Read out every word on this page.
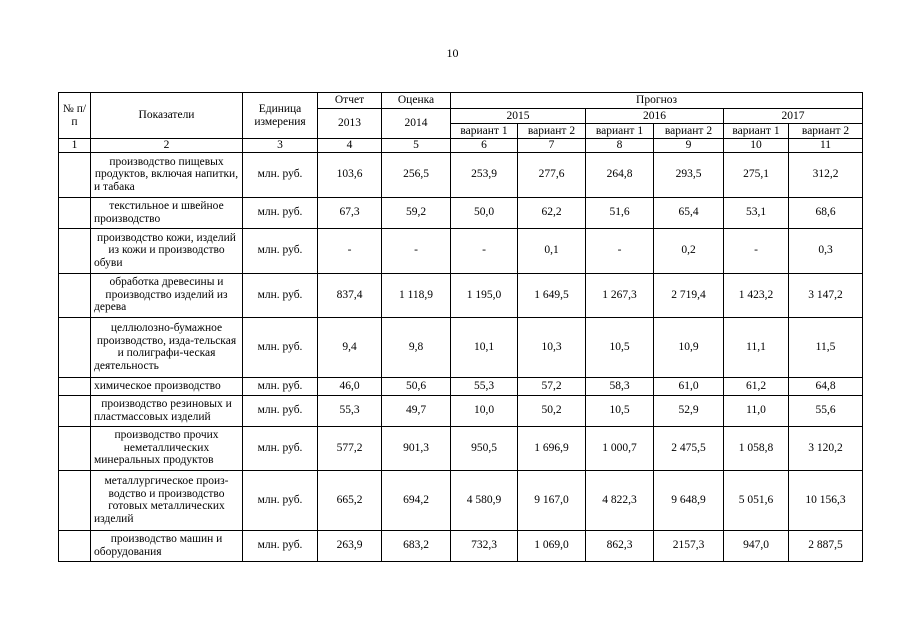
10
№ п/п	Показатели	Единица измерения	Отчет	Оценка	Прогноз					
			2013	2014	2015		2016		2017	
					вариант 1	вариант 2	вариант 1	вариант 2	вариант 1	вариант 2
1	2	3	4	5	6	7	8	9	10	11
	производство пищевых продуктов, включая напитки, и табака	млн. руб.	103,6	256,5	253,9	277,6	264,8	293,5	275,1	312,2
	текстильное и швейное производство	млн. руб.	67,3	59,2	50,0	62,2	51,6	65,4	53,1	68,6
	производство кожи, изделий из кожи и производство обуви	млн. руб.	-	-	-	0,1	-	0,2	-	0,3
	обработка древесины и производство изделий из дерева	млн. руб.	837,4	1 118,9	1 195,0	1 649,5	1 267,3	2 719,4	1 423,2	3 147,2
	целлюлозно-бумажное производство, изда-тельская и полиграфи-ческая деятельность	млн. руб.	9,4	9,8	10,1	10,3	10,5	10,9	11,1	11,5
	химическое производство	млн. руб.	46,0	50,6	55,3	57,2	58,3	61,0	61,2	64,8
	производство резиновых и пластмассовых изделий	млн. руб.	55,3	49,7	10,0	50,2	10,5	52,9	11,0	55,6
	производство прочих неметаллических минеральных продуктов	млн. руб.	577,2	901,3	950,5	1 696,9	1 000,7	2 475,5	1 058,8	3 120,2
	металлургическое произ-водство и производство готовых металлических изделий	млн. руб.	665,2	694,2	4 580,9	9 167,0	4 822,3	9 648,9	5 051,6	10 156,3
	производство машин и оборудования	млн. руб.	263,9	683,2	732,3	1 069,0	862,3	2157,3	947,0	2 887,5
